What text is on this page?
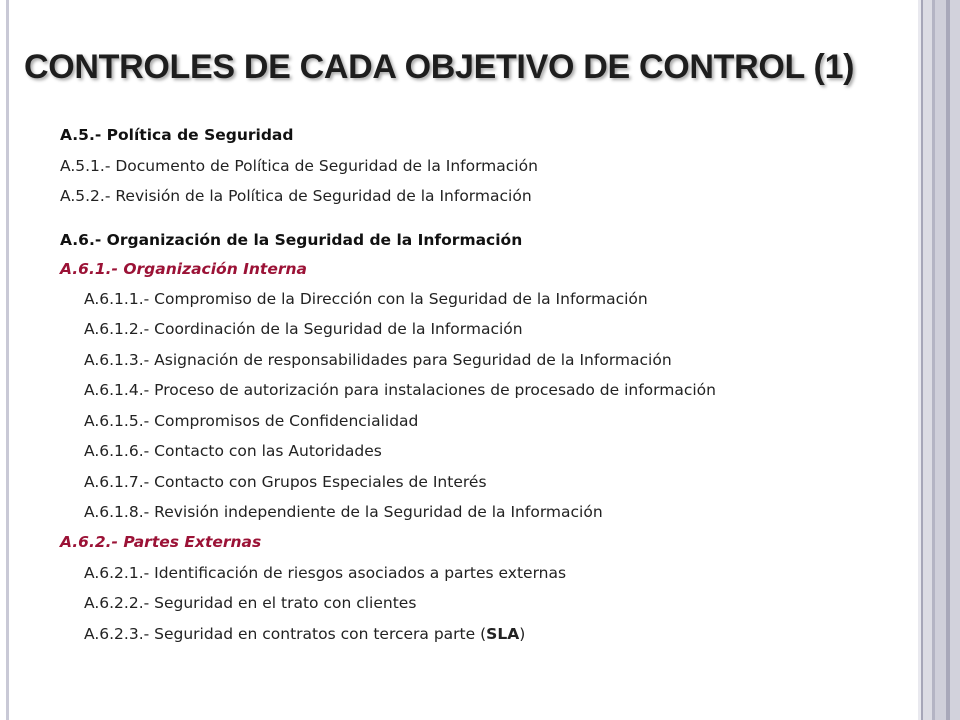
CONTROLES DE CADA OBJETIVO DE CONTROL (1)
A.5.- Política de Seguridad
A.5.1.- Documento de Política de Seguridad de la Información
A.5.2.- Revisión de la Política de Seguridad de la Información
A.6.- Organización de la Seguridad de la Información
A.6.1.- Organización Interna
A.6.1.1.- Compromiso de la Dirección con la Seguridad de la Información
A.6.1.2.- Coordinación de la Seguridad de la Información
A.6.1.3.- Asignación de responsabilidades para Seguridad de la Información
A.6.1.4.- Proceso de autorización para instalaciones de procesado de información
A.6.1.5.- Compromisos de Confidencialidad
A.6.1.6.- Contacto con las Autoridades
A.6.1.7.- Contacto con Grupos Especiales de Interés
A.6.1.8.- Revisión independiente de la Seguridad de la Información
A.6.2.- Partes Externas
A.6.2.1.- Identificación de riesgos asociados a partes externas
A.6.2.2.- Seguridad en el trato con clientes
A.6.2.3.- Seguridad en contratos con tercera parte (SLA)
